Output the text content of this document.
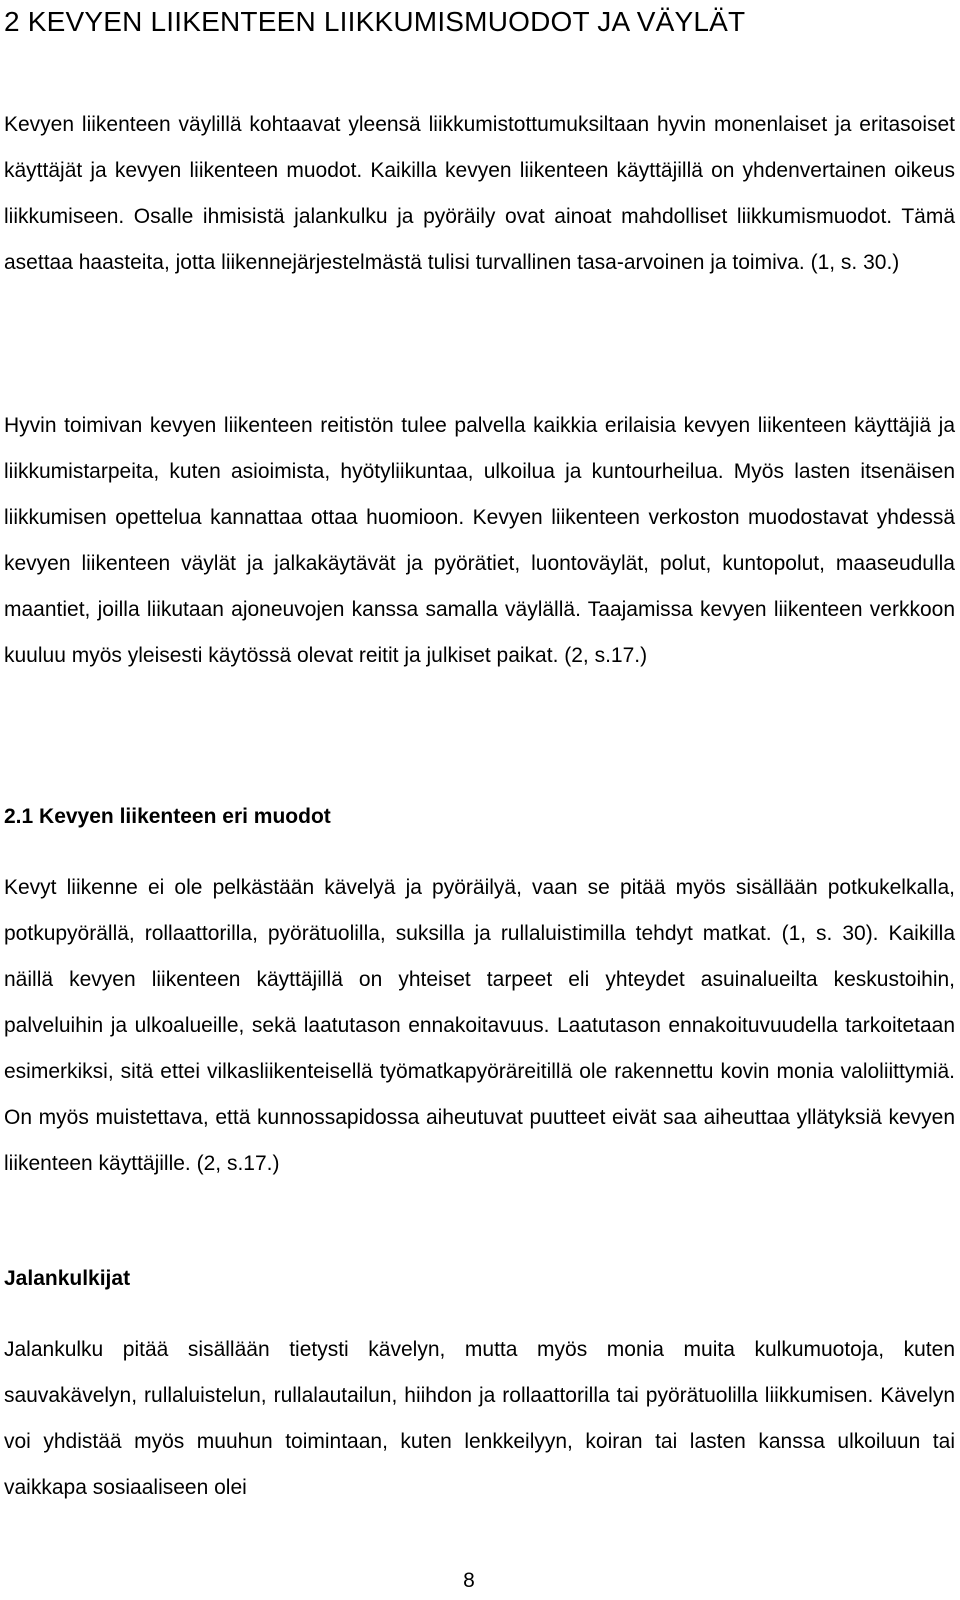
2 KEVYEN LIIKENTEEN LIIKKUMISMUODOT JA VÄYLÄT

Kevyen liikenteen väylillä kohtaavat yleensä liikkumistottumuksiltaan hyvin monenlaiset ja eritasoiset käyttäjät ja kevyen liikenteen muodot. Kaikilla kevyen liikenteen käyttäjillä on yhdenvertainen oikeus liikkumiseen. Osalle ihmisistä jalankulku ja pyöräily ovat ainoat mahdolliset liikkumismuodot. Tämä asettaa haasteita, jotta liikennejärjestelmästä tulisi turvallinen tasa-arvoinen ja toimiva. (1, s. 30.)

Hyvin toimivan kevyen liikenteen reitistön tulee palvella kaikkia erilaisia kevyen liikenteen käyttäjiä ja liikkumistarpeita, kuten asioimista, hyötyliikuntaa, ulkoilua ja kuntourheilua. Myös lasten itsenäisen liikkumisen opettelua kannattaa ottaa huomioon. Kevyen liikenteen verkoston muodostavat yhdessä kevyen liikenteen väylät ja jalkakäytävät ja pyörätiet, luontoväylät, polut, kuntopolut, maaseudulla maantiet, joilla liikutaan ajoneuvojen kanssa samalla väylällä. Taajamissa kevyen liikenteen verkkoon kuuluu myös yleisesti käytössä olevat reitit ja julkiset paikat. (2, s.17.)

2.1 Kevyen liikenteen eri muodot

Kevyt liikenne ei ole pelkästään kävelyä ja pyöräilyä, vaan se pitää myös sisällään potkukelkalla, potkupyörällä, rollaattorilla, pyörätuolilla, suksilla ja rullaluistimilla tehdyt matkat. (1, s. 30). Kaikilla näillä kevyen liikenteen käyttäjillä on yhteiset tarpeet eli yhteydet asuinalueilta keskustoihin, palveluihin ja ulkoalueille, sekä laatutason ennakoitavuus. Laatutason ennakoituvuudella tarkoitetaan esimerkiksi, sitä ettei vilkasliikenteisellä työmatkapyöräreitillä ole rakennettu kovin monia valoliittymiä. On myös muistettava, että kunnossapidossa aiheutuvat puutteet eivät saa aiheuttaa yllätyksiä kevyen liikenteen käyttäjille. (2, s.17.)

Jalankulkijat

Jalankulku pitää sisällään tietysti kävelyn, mutta myös monia muita kulkumuotoja, kuten sauvakävelyn, rullaluistelun, rullalautailun, hiihdon ja rollaattorilla tai pyörätuolilla liikkumisen. Kävelyn voi yhdistää myös muuhun toimintaan, kuten lenkkeilyyn, koiran tai lasten kanssa ulkoiluun tai vaikkapa sosiaaliseen olei

8
